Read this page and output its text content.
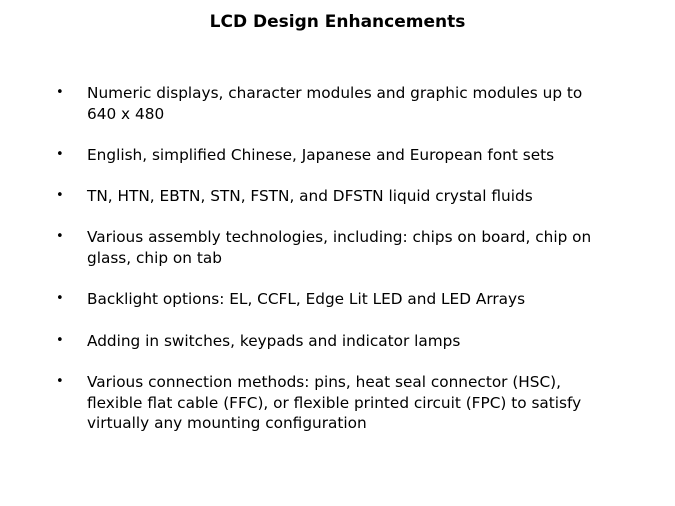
LCD Design Enhancements
• Numeric displays, character modules and graphic modules up to 640 x 480
• English, simplified Chinese, Japanese and European font sets
• TN, HTN, EBTN, STN, FSTN, and DFSTN liquid crystal fluids
• Various assembly technologies, including: chips on board, chip on glass, chip on tab
• Backlight options: EL, CCFL, Edge Lit LED and LED Arrays
• Adding in switches, keypads and indicator lamps
• Various connection methods: pins, heat seal connector (HSC), flexible flat cable (FFC), or flexible printed circuit (FPC) to satisfy virtually any mounting configuration
